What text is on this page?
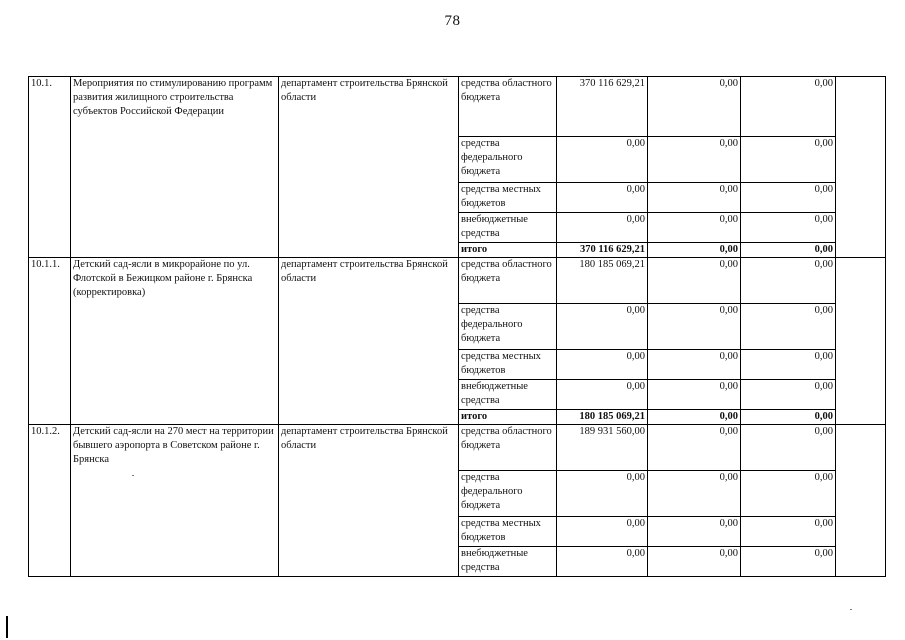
78
10.1.	Мероприятия по стимулированию программ развития жилищного строительства субъектов Российской Федерации	департамент строительства Брянской области	средства областного бюджета	370 116 629,21	0,00	0,00	
			средства федерального бюджета	0,00	0,00	0,00	
			средства местных бюджетов	0,00	0,00	0,00	
			внебюджетные средства	0,00	0,00	0,00	
			итого	370 116 629,21	0,00	0,00	
10.1.1.	Детский сад-ясли в микрорайоне по ул. Флотской в Бежицком районе г. Брянска (корректировка)	департамент строительства Брянской области	средства областного бюджета	180 185 069,21	0,00	0,00	
			средства федерального бюджета	0,00	0,00	0,00	
			средства местных бюджетов	0,00	0,00	0,00	
			внебюджетные средства	0,00	0,00	0,00	
			итого	180 185 069,21	0,00	0,00	
10.1.2.	Детский сад-ясли на 270 мест на территории бывшего аэропорта в Советском районе г. Брянска	департамент строительства Брянской области	средства областного бюджета	189 931 560,00	0,00	0,00	
			средства федерального бюджета	0,00	0,00	0,00	
			средства местных бюджетов	0,00	0,00	0,00	
			внебюджетные средства	0,00	0,00	0,00	
